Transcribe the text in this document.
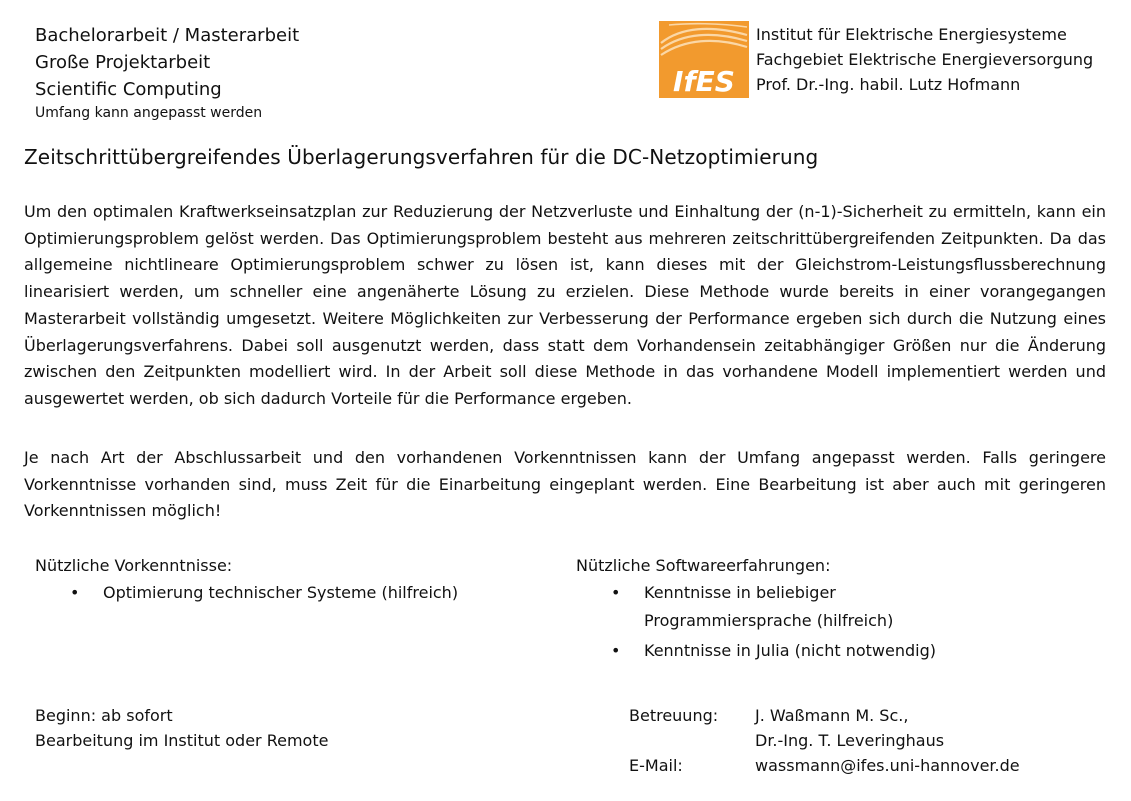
Bachelorarbeit / Masterarbeit
Große Projektarbeit
Scientific Computing
Umfang kann angepasst werden
IfES
Institut für Elektrische Energiesysteme
Fachgebiet Elektrische Energieversorgung
Prof. Dr.-Ing. habil. Lutz Hofmann
Zeitschrittübergreifendes Überlagerungsverfahren für die DC-Netzoptimierung

Um den optimalen Kraftwerkseinsatzplan zur Reduzierung der Netzverluste und Einhaltung der (n-1)-Sicherheit zu ermitteln, kann ein Optimierungsproblem gelöst werden. Das Optimierungsproblem besteht aus mehreren zeitschrittübergreifenden Zeitpunkten. Da das allgemeine nichtlineare Optimierungsproblem schwer zu lösen ist, kann dieses mit der Gleichstrom-Leistungsflussberechnung linearisiert werden, um schneller eine angenäherte Lösung zu erzielen. Diese Methode wurde bereits in einer vorangegangen Masterarbeit vollständig umgesetzt. Weitere Möglichkeiten zur Verbesserung der Performance ergeben sich durch die Nutzung eines Überlagerungsverfahrens. Dabei soll ausgenutzt werden, dass statt dem Vorhandensein zeitabhängiger Größen nur die Änderung zwischen den Zeitpunkten modelliert wird. In der Arbeit soll diese Methode in das vorhandene Modell implementiert werden und ausgewertet werden, ob sich dadurch Vorteile für die Performance ergeben.

Je nach Art der Abschlussarbeit und den vorhandenen Vorkenntnissen kann der Umfang angepasst werden. Falls geringere Vorkenntnisse vorhanden sind, muss Zeit für die Einarbeitung eingeplant werden. Eine Bearbeitung ist aber auch mit geringeren Vorkenntnissen möglich!

Nützliche Vorkenntnisse:
• Optimierung technischer Systeme (hilfreich)
Nützliche Softwareerfahrungen:
• Kenntnisse in beliebiger Programmiersprache (hilfreich)
• Kenntnisse in Julia (nicht notwendig)
Beginn: ab sofort
Bearbeitung im Institut oder Remote
Betreuung:	J. Waßmann M. Sc.,
Dr.-Ing. T. Leveringhaus
E-Mail:	wassmann@ifes.uni-hannover.de
